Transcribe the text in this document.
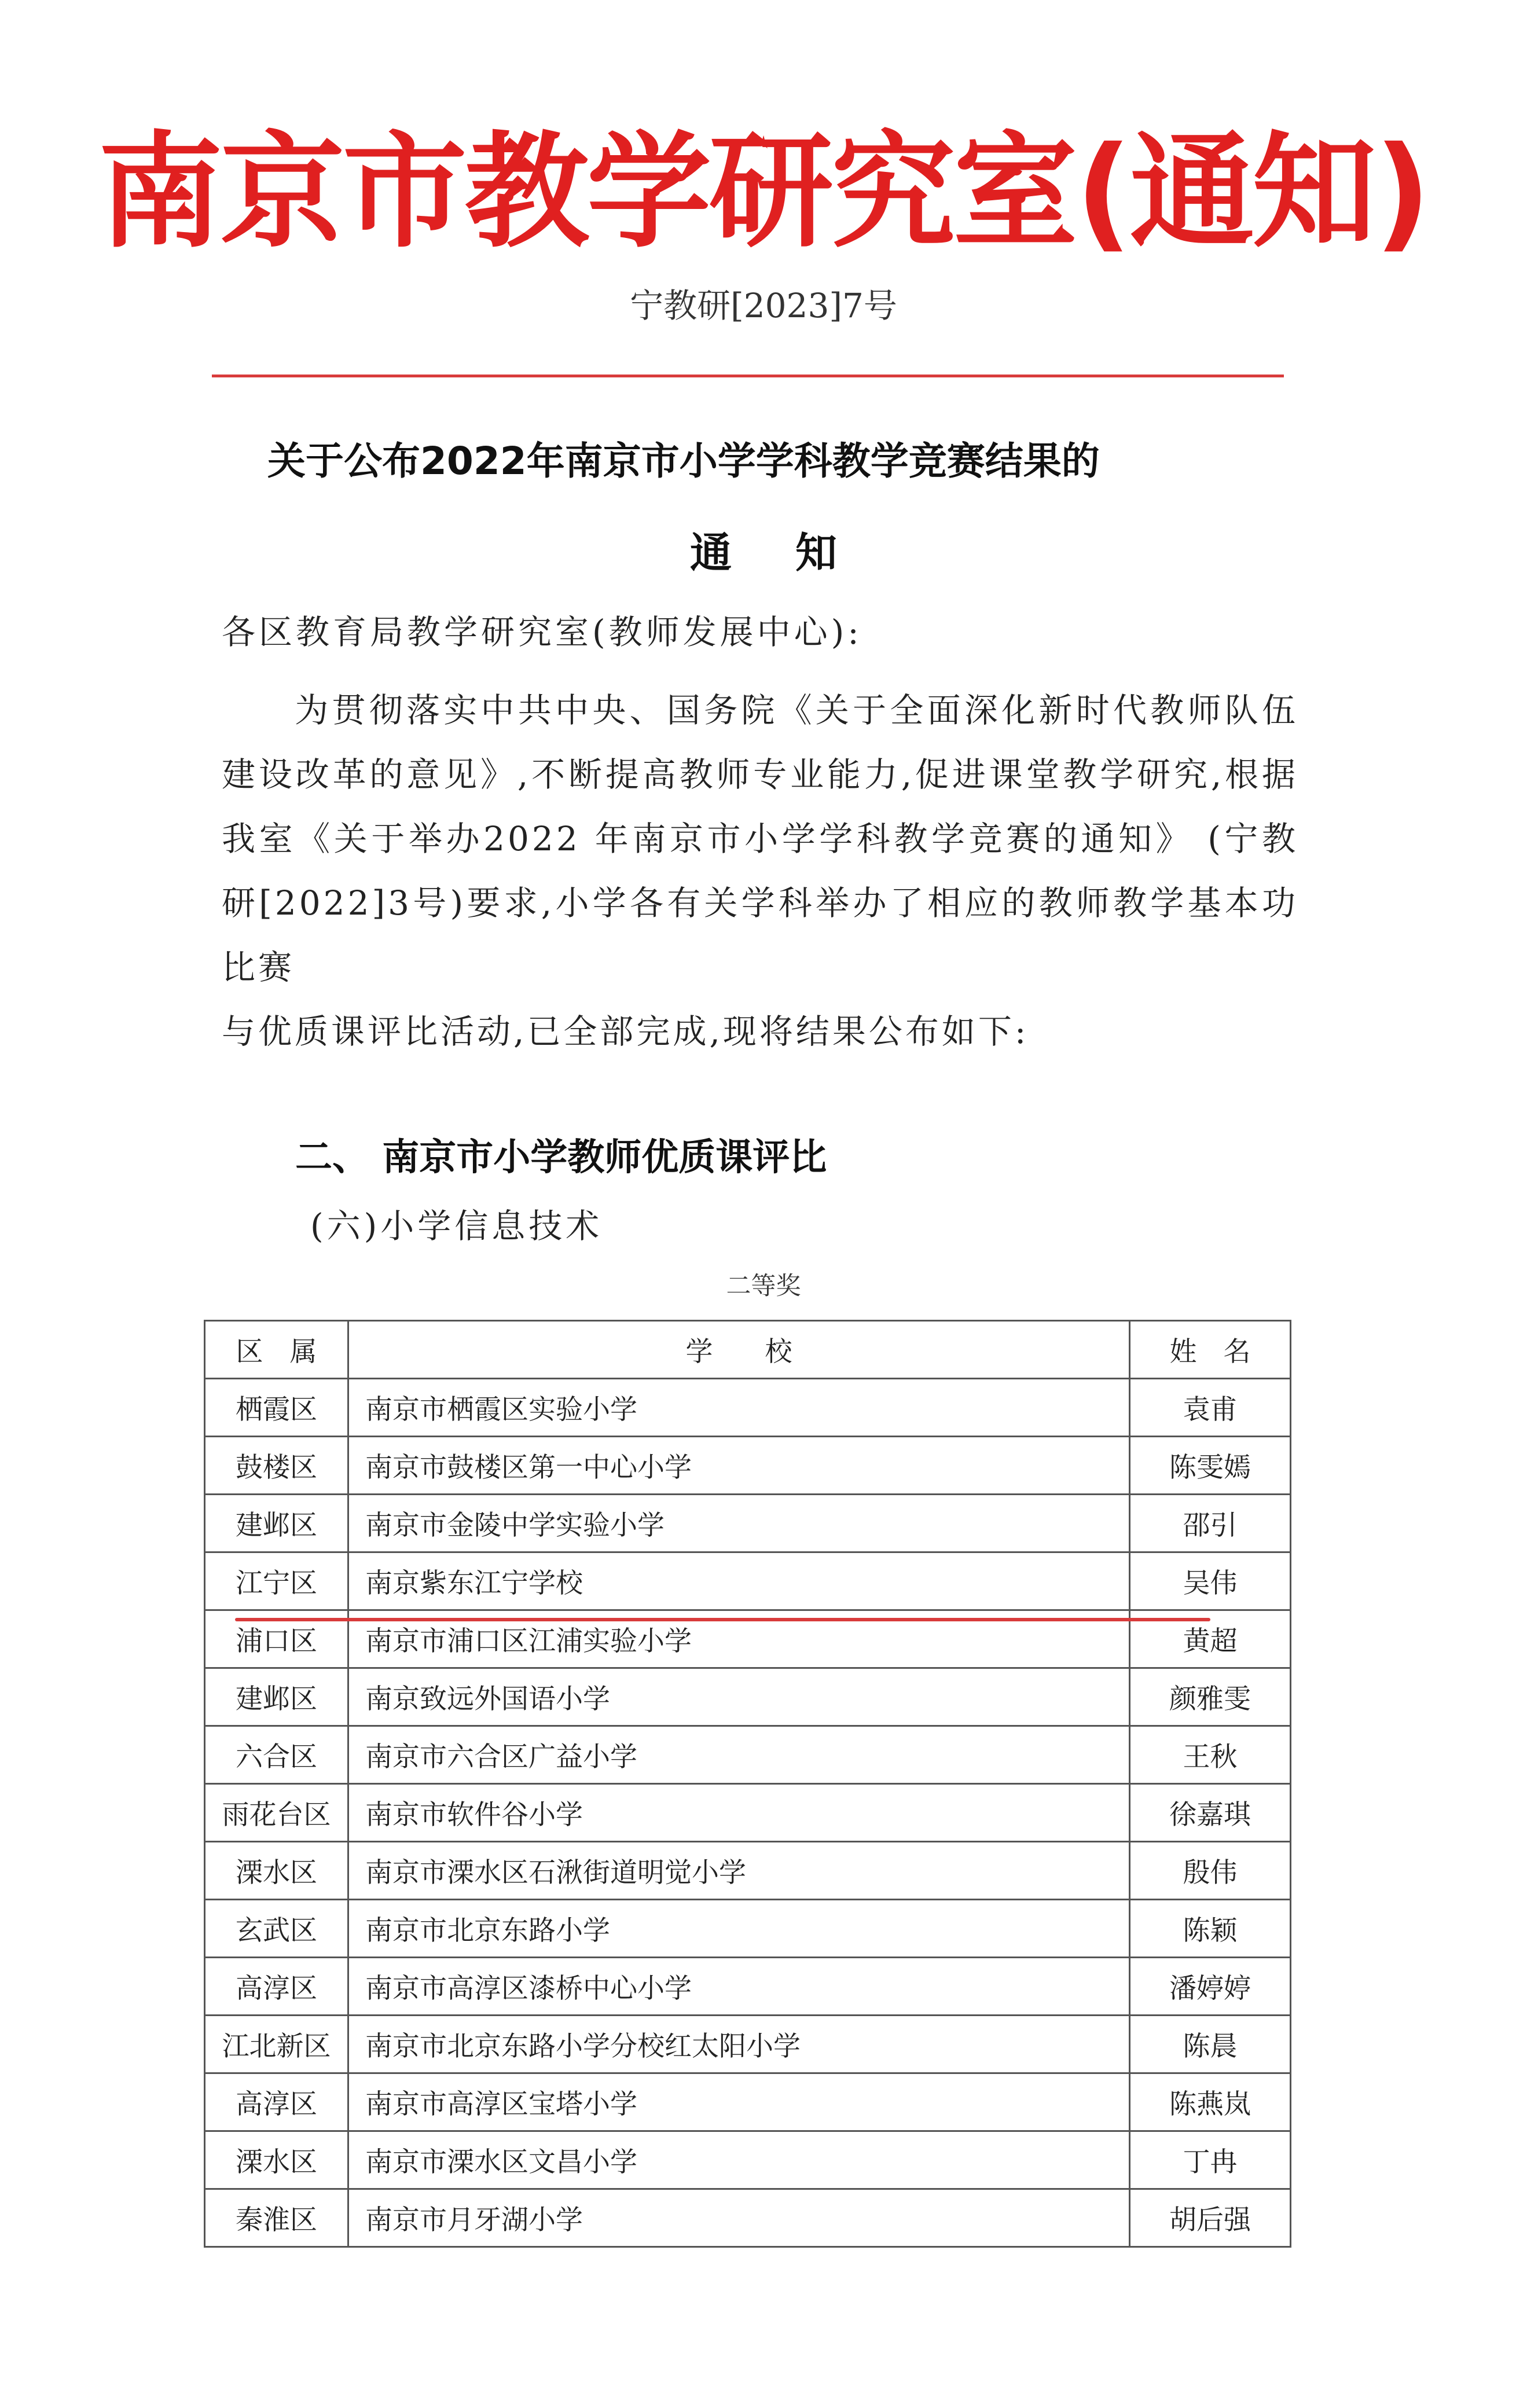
南京市教学研究室(通知)
宁教研[2023]7号
关于公布2022年南京市小学学科教学竞赛结果的
通知
各区教育局教学研究室(教师发展中心):
为贯彻落实中共中央、国务院《关于全面深化新时代教师队伍建设改革的意见》,不断提高教师专业能力,促进课堂教学研究,根据我室《关于举办2022 年南京市小学学科教学竞赛的通知》 (宁教研[2022]3号)要求,小学各有关学科举办了相应的教师教学基本功比赛
与优质课评比活动,已全部完成,现将结果公布如下:
二、 南京市小学教师优质课评比
(六)小学信息技术
二等奖
区属	学校	姓名
栖霞区	南京市栖霞区实验小学	袁甫
鼓楼区	南京市鼓楼区第一中心小学	陈雯嫣
建邺区	南京市金陵中学实验小学	邵引
江宁区	南京紫东江宁学校	吴伟
浦口区	南京市浦口区江浦实验小学	黄超
建邺区	南京致远外国语小学	颜雅雯
六合区	南京市六合区广益小学	王秋
雨花台区	南京市软件谷小学	徐嘉琪
溧水区	南京市溧水区石湫街道明觉小学	殷伟
玄武区	南京市北京东路小学	陈颖
高淳区	南京市高淳区漆桥中心小学	潘婷婷
江北新区	南京市北京东路小学分校红太阳小学	陈晨
高淳区	南京市高淳区宝塔小学	陈燕岚
溧水区	南京市溧水区文昌小学	丁冉
秦淮区	南京市月牙湖小学	胡后强
